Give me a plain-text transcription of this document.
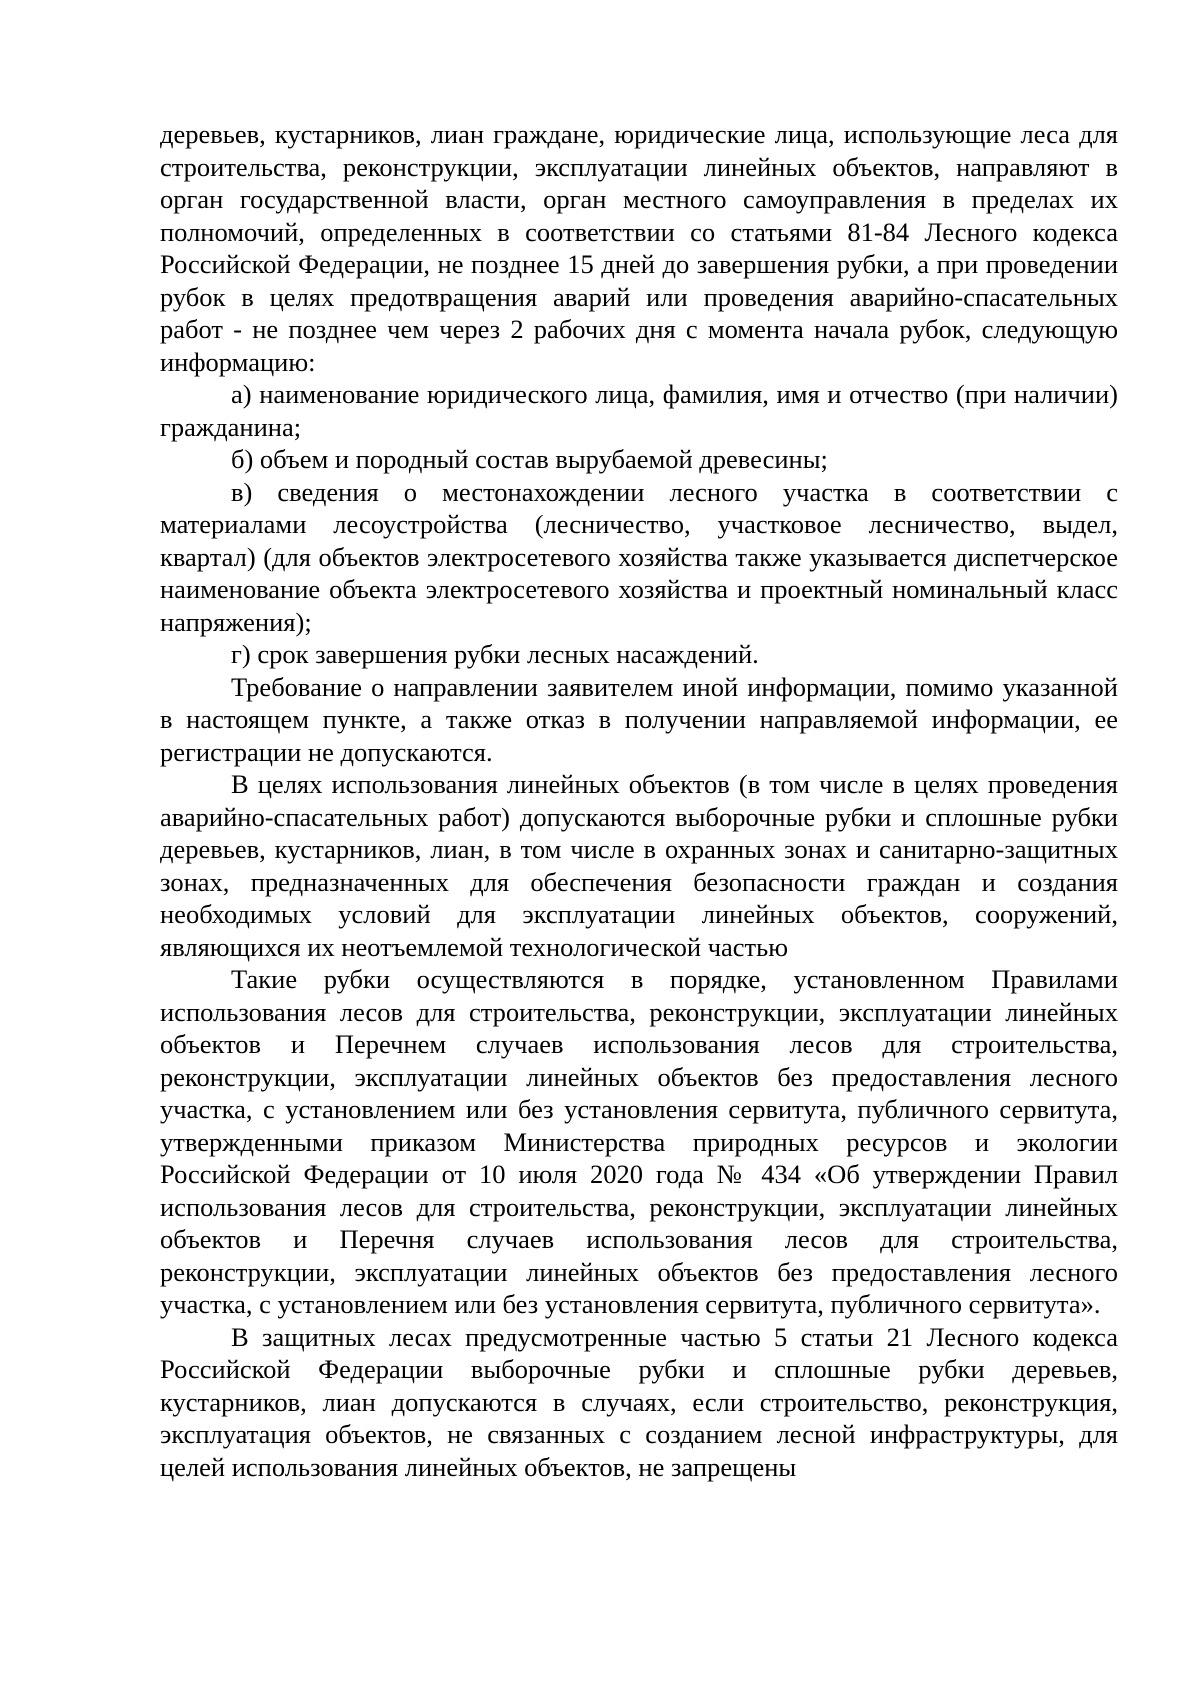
деревьев, кустарников, лиан граждане, юридические лица, использующие леса для строительства, реконструкции, эксплуатации линейных объектов, направляют в орган государственной власти, орган местного самоуправления в пределах их полномочий, определенных в соответствии со статьями 81-84 Лесного кодекса Российской Федерации, не позднее 15 дней до завершения рубки, а при проведении рубок в целях предотвращения аварий или проведения аварийно-спасательных работ - не позднее чем через 2 рабочих дня с момента начала рубок, следующую информацию:

а) наименование юридического лица, фамилия, имя и отчество (при наличии) гражданина;

б) объем и породный состав вырубаемой древесины;

в) сведения о местонахождении лесного участка в соответствии с материалами лесоустройства (лесничество, участковое лесничество, выдел, квартал) (для объектов электросетевого хозяйства также указывается диспетчерское наименование объекта электросетевого хозяйства и проектный номинальный класс напряжения);

г) срок завершения рубки лесных насаждений.

Требование о направлении заявителем иной информации, помимо указанной в настоящем пункте, а также отказ в получении направляемой информации, ее регистрации не допускаются.

В целях использования линейных объектов (в том числе в целях проведения аварийно-спасательных работ) допускаются выборочные рубки и сплошные рубки деревьев, кустарников, лиан, в том числе в охранных зонах и санитарно-защитных зонах, предназначенных для обеспечения безопасности граждан и создания необходимых условий для эксплуатации линейных объектов, сооружений, являющихся их неотъемлемой технологической частью

Такие рубки осуществляются в порядке, установленном Правилами использования лесов для строительства, реконструкции, эксплуатации линейных объектов и Перечнем случаев использования лесов для строительства, реконструкции, эксплуатации линейных объектов без предоставления лесного участка, с установлением или без установления сервитута, публичного сервитута, утвержденными приказом Министерства природных ресурсов и экологии Российской Федерации от 10 июля 2020 года № 434 «Об утверждении Правил использования лесов для строительства, реконструкции, эксплуатации линейных объектов и Перечня случаев использования лесов для строительства, реконструкции, эксплуатации линейных объектов без предоставления лесного участка, с установлением или без установления сервитута, публичного сервитута».

В защитных лесах предусмотренные частью 5 статьи 21 Лесного кодекса Российской Федерации выборочные рубки и сплошные рубки деревьев, кустарников, лиан допускаются в случаях, если строительство, реконструкция, эксплуатация объектов, не связанных с созданием лесной инфраструктуры, для целей использования линейных объектов, не запрещены
